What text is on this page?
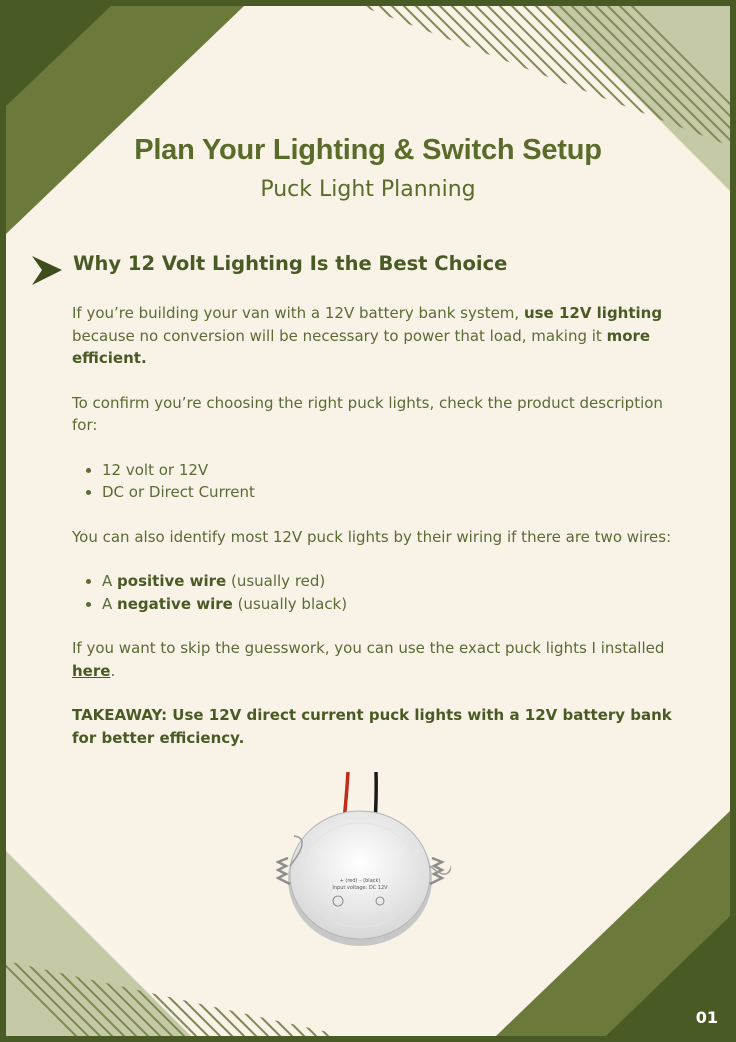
Plan Your Lighting & Switch Setup
Puck Light Planning
Why 12 Volt Lighting Is the Best Choice

If you’re building your van with a 12V battery bank system, use 12V lighting because no conversion will be necessary to power that load, making it more efficient.

To confirm you’re choosing the right puck lights, check the product description for:

• 12 volt or 12V
• DC or Direct Current

You can also identify most 12V puck lights by their wiring if there are two wires:

• A positive wire (usually red)
• A negative wire (usually black)

If you want to skip the guesswork, you can use the exact puck lights I installed here.

TAKEAWAY: Use 12V direct current puck lights with a 12V battery bank for better efficiency.

+ (red) – (black)
Input voltage: DC 12V
01
